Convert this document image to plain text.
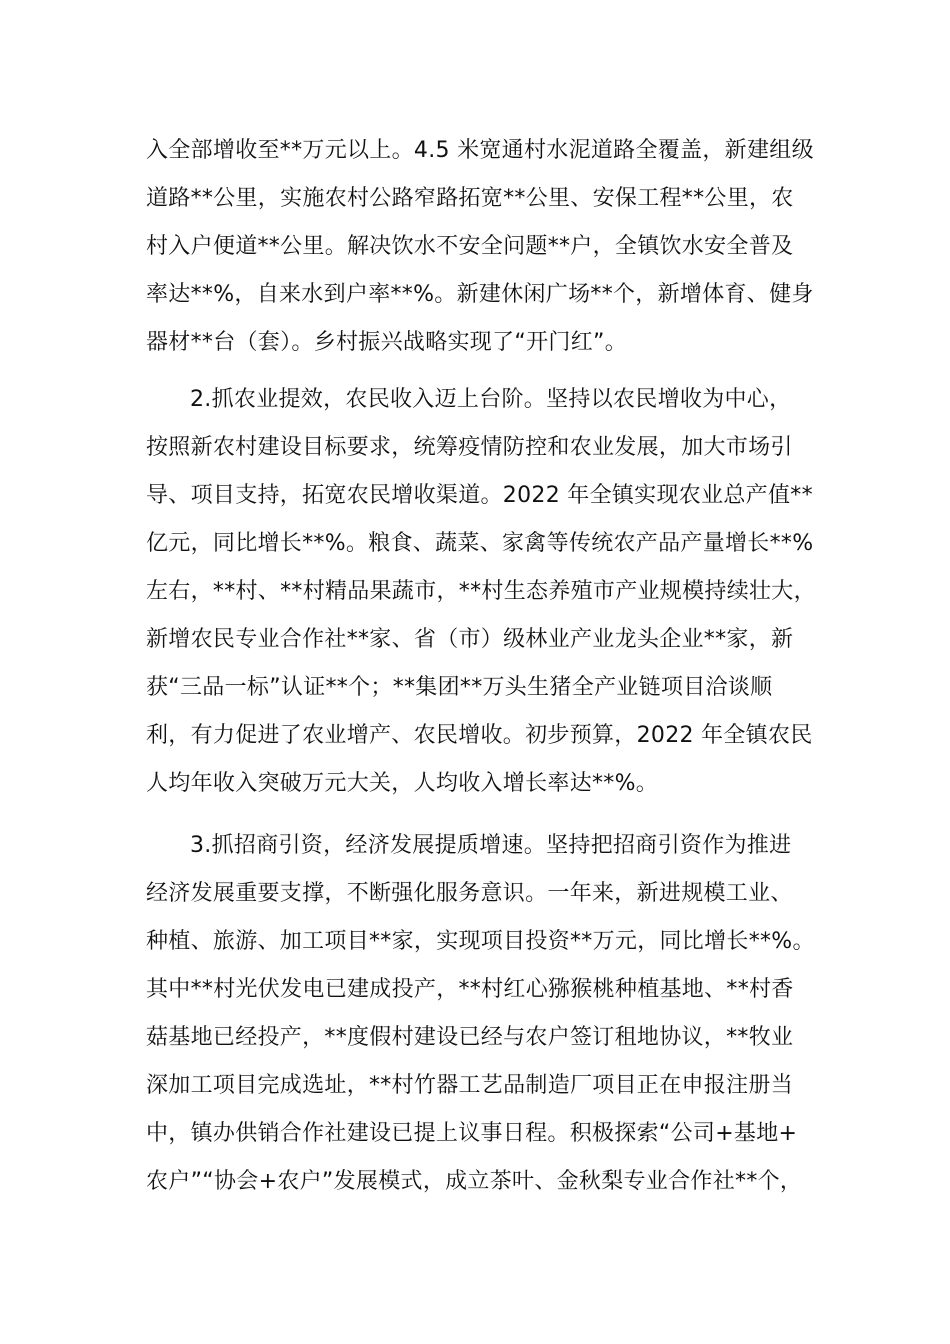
入全部增收至**万元以上。4.5 米宽通村水泥道路全覆盖，新建组级
道路**公里，实施农村公路窄路拓宽**公里、安保工程**公里，农
村入户便道**公里。解决饮水不安全问题**户，全镇饮水安全普及
率达**%，自来水到户率**%。新建休闲广场**个，新增体育、健身
器材**台（套）。乡村振兴战略实现了“开门红”。
2.抓农业提效，农民收入迈上台阶。坚持以农民增收为中心，
按照新农村建设目标要求，统筹疫情防控和农业发展，加大市场引
导、项目支持，拓宽农民增收渠道。2022 年全镇实现农业总产值**
亿元，同比增长**%。粮食、蔬菜、家禽等传统农产品产量增长**%
左右，**村、**村精品果蔬市，**村生态养殖市产业规模持续壮大，
新增农民专业合作社**家、省（市）级林业产业龙头企业**家，新
获“三品一标”认证**个；**集团**万头生猪全产业链项目洽谈顺
利，有力促进了农业增产、农民增收。初步预算，2022 年全镇农民
人均年收入突破万元大关，人均收入增长率达**%。
3.抓招商引资，经济发展提质增速。坚持把招商引资作为推进
经济发展重要支撑，不断强化服务意识。一年来，新进规模工业、
种植、旅游、加工项目**家，实现项目投资**万元，同比增长**%。
其中**村光伏发电已建成投产，**村红心猕猴桃种植基地、**村香
菇基地已经投产，**度假村建设已经与农户签订租地协议，**牧业
深加工项目完成选址，**村竹器工艺品制造厂项目正在申报注册当
中，镇办供销合作社建设已提上议事日程。积极探索“公司+基地+
农户”“协会+农户”发展模式，成立茶叶、金秋梨专业合作社**个，
